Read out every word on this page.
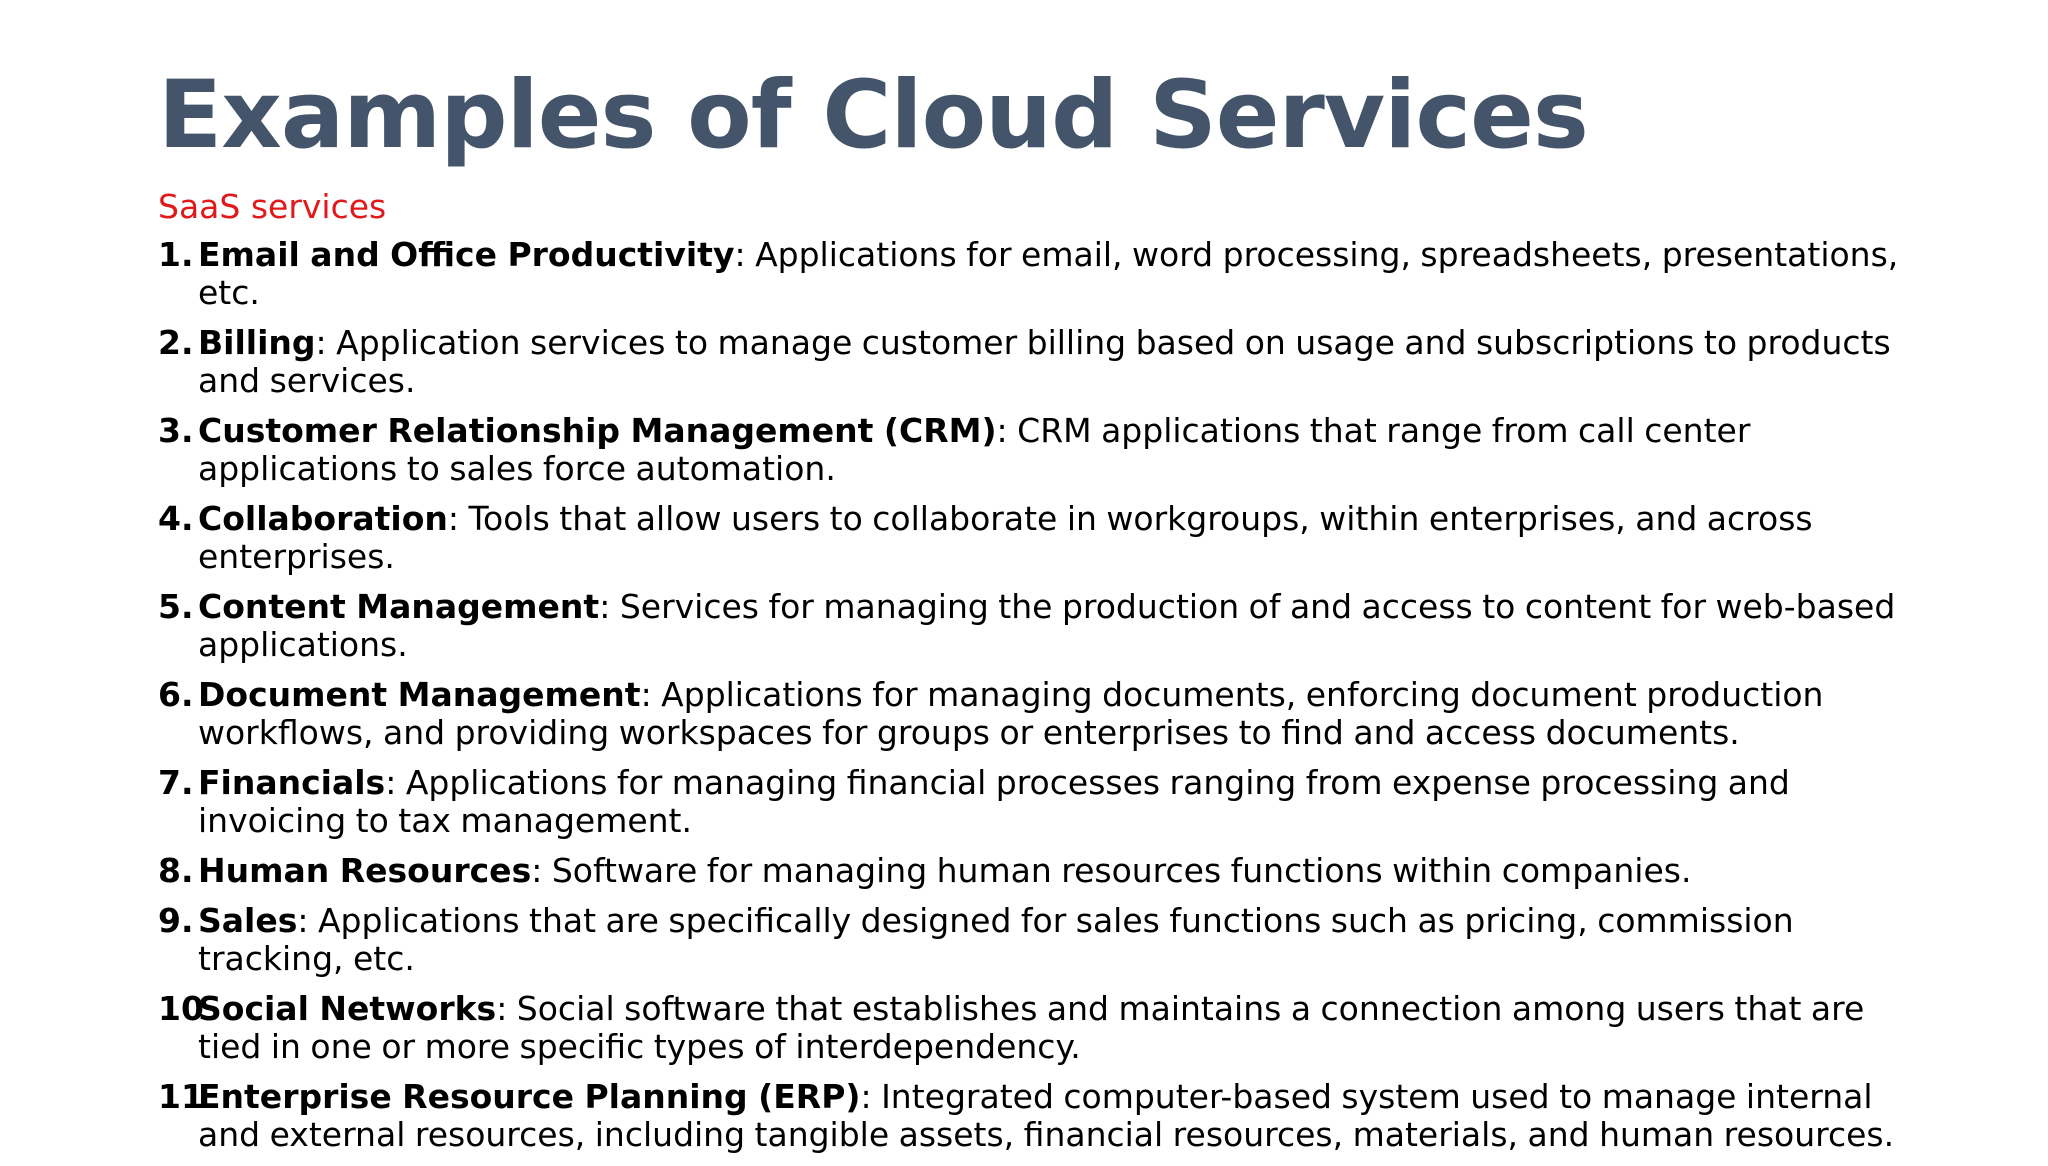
Examples of Cloud Services
SaaS services
1. Email and Office Productivity: Applications for email, word processing, spreadsheets, presentations, etc.
2. Billing: Application services to manage customer billing based on usage and subscriptions to products and services.
3. Customer Relationship Management (CRM): CRM applications that range from call center applications to sales force automation.
4. Collaboration: Tools that allow users to collaborate in workgroups, within enterprises, and across enterprises.
5. Content Management: Services for managing the production of and access to content for web-based applications.
6. Document Management: Applications for managing documents, enforcing document production workflows, and providing workspaces for groups or enterprises to find and access documents.
7. Financials: Applications for managing financial processes ranging from expense processing and invoicing to tax management.
8. Human Resources: Software for managing human resources functions within companies.
9. Sales: Applications that are specifically designed for sales functions such as pricing, commission tracking, etc.
10
Social Networks: Social software that establishes and maintains a connection among users that are tied in one or more specific types of interdependency.
11
Enterprise Resource Planning (ERP): Integrated computer-based system used to manage internal and external resources, including tangible assets, financial resources, materials, and human resources.
